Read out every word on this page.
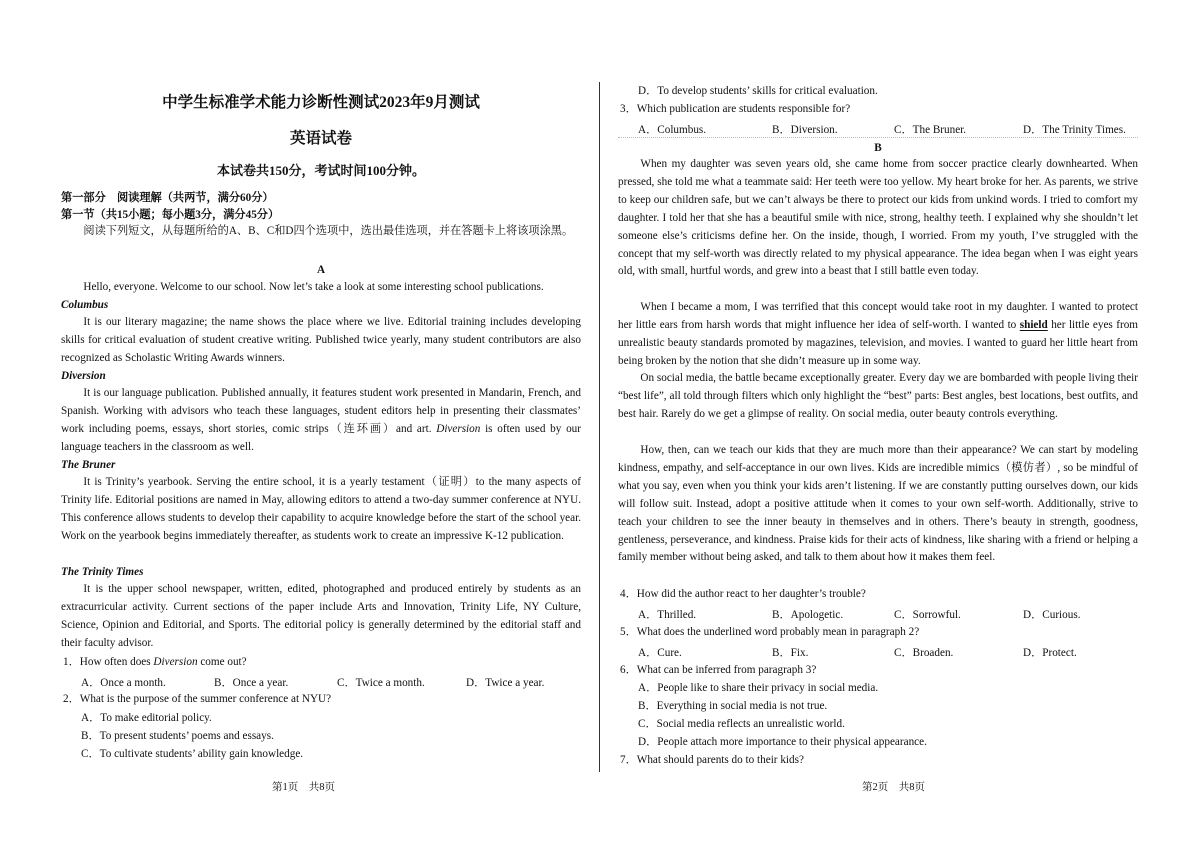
中学生标准学术能力诊断性测试2023年9月测试
英语试卷
本试卷共150分，考试时间100分钟。
第一部分　阅读理解（共两节，满分60分）
第一节（共15小题；每小题3分，满分45分）

阅读下列短文，从每题所给的A、B、C和D四个选项中，选出最佳选项，并在答题卡上将该项涂黑。

A

Hello, everyone. Welcome to our school. Now let’s take a look at some interesting school publications.

Columbus

It is our literary magazine; the name shows the place where we live. Editorial training includes developing skills for critical evaluation of student creative writing. Published twice yearly, many student contributors are also recognized as Scholastic Writing Awards winners.

Diversion

It is our language publication. Published annually, it features student work presented in Mandarin, French, and Spanish. Working with advisors who teach these languages, student editors help in presenting their classmates’ work including poems, essays, short stories, comic strips（连环画）and art. Diversion is often used by our language teachers in the classroom as well.

The Bruner

It is Trinity’s yearbook. Serving the entire school, it is a yearly testament（证明）to the many aspects of Trinity life. Editorial positions are named in May, allowing editors to attend a two-day summer conference at NYU. This conference allows students to develop their capability to acquire knowledge before the start of the school year. Work on the yearbook begins immediately thereafter, as students work to create an impressive K-12 publication.

The Trinity Times

It is the upper school newspaper, written, edited, photographed and produced entirely by students as an extracurricular activity. Current sections of the paper include Arts and Innovation, Trinity Life, NY Culture, Science, Opinion and Editorial, and Sports. The editorial policy is generally determined by the editorial staff and their faculty advisor.

1．How often does Diversion come out?
A．Once a month.	B．Once a year.	C．Twice a month.	D．Twice a year.
2．What is the purpose of the summer conference at NYU?
A．To make editorial policy.
B．To present students’ poems and essays.
C．To cultivate students’ ability gain knowledge.
D．To develop students’ skills for critical evaluation.
3．Which publication are students responsible for?
A．Columbus.	B．Diversion.	C．The Bruner.	D．The Trinity Times.
B

When my daughter was seven years old, she came home from soccer practice clearly downhearted. When pressed, she told me what a teammate said: Her teeth were too yellow. My heart broke for her. As parents, we strive to keep our children safe, but we can’t always be there to protect our kids from unkind words. I tried to comfort my daughter. I told her that she has a beautiful smile with nice, strong, healthy teeth. I explained why she shouldn’t let someone else’s criticisms define her. On the inside, though, I worried. From my youth, I’ve struggled with the concept that my self-worth was directly related to my physical appearance. The idea began when I was eight years old, with small, hurtful words, and grew into a beast that I still battle even today.

When I became a mom, I was terrified that this concept would take root in my daughter. I wanted to protect her little ears from harsh words that might influence her idea of self-worth. I wanted to shield her little eyes from unrealistic beauty standards promoted by magazines, television, and movies. I wanted to guard her little heart from being broken by the notion that she didn’t measure up in some way.

On social media, the battle became exceptionally greater. Every day we are bombarded with people living their “best life”, all told through filters which only highlight the “best” parts: Best angles, best locations, best outfits, and best hair. Rarely do we get a glimpse of reality. On social media, outer beauty controls everything.

How, then, can we teach our kids that they are much more than their appearance? We can start by modeling kindness, empathy, and self-acceptance in our own lives. Kids are incredible mimics（模仿者）, so be mindful of what you say, even when you think your kids aren’t listening. If we are constantly putting ourselves down, our kids will follow suit. Instead, adopt a positive attitude when it comes to your own self-worth. Additionally, strive to teach your children to see the inner beauty in themselves and in others. There’s beauty in strength, goodness, gentleness, perseverance, and kindness. Praise kids for their acts of kindness, like sharing with a friend or helping a family member without being asked, and talk to them about how it makes them feel.

4．How did the author react to her daughter’s trouble?
A．Thrilled.	B．Apologetic.	C．Sorrowful.	D．Curious.
5．What does the underlined word probably mean in paragraph 2?
A．Cure.	B．Fix.	C．Broaden.	D．Protect.
6．What can be inferred from paragraph 3?
A．People like to share their privacy in social media.
B．Everything in social media is not true.
C．Social media reflects an unrealistic world.
D．People attach more importance to their physical appearance.
7．What should parents do to their kids?
第1页　共8页	第2页　共8页
